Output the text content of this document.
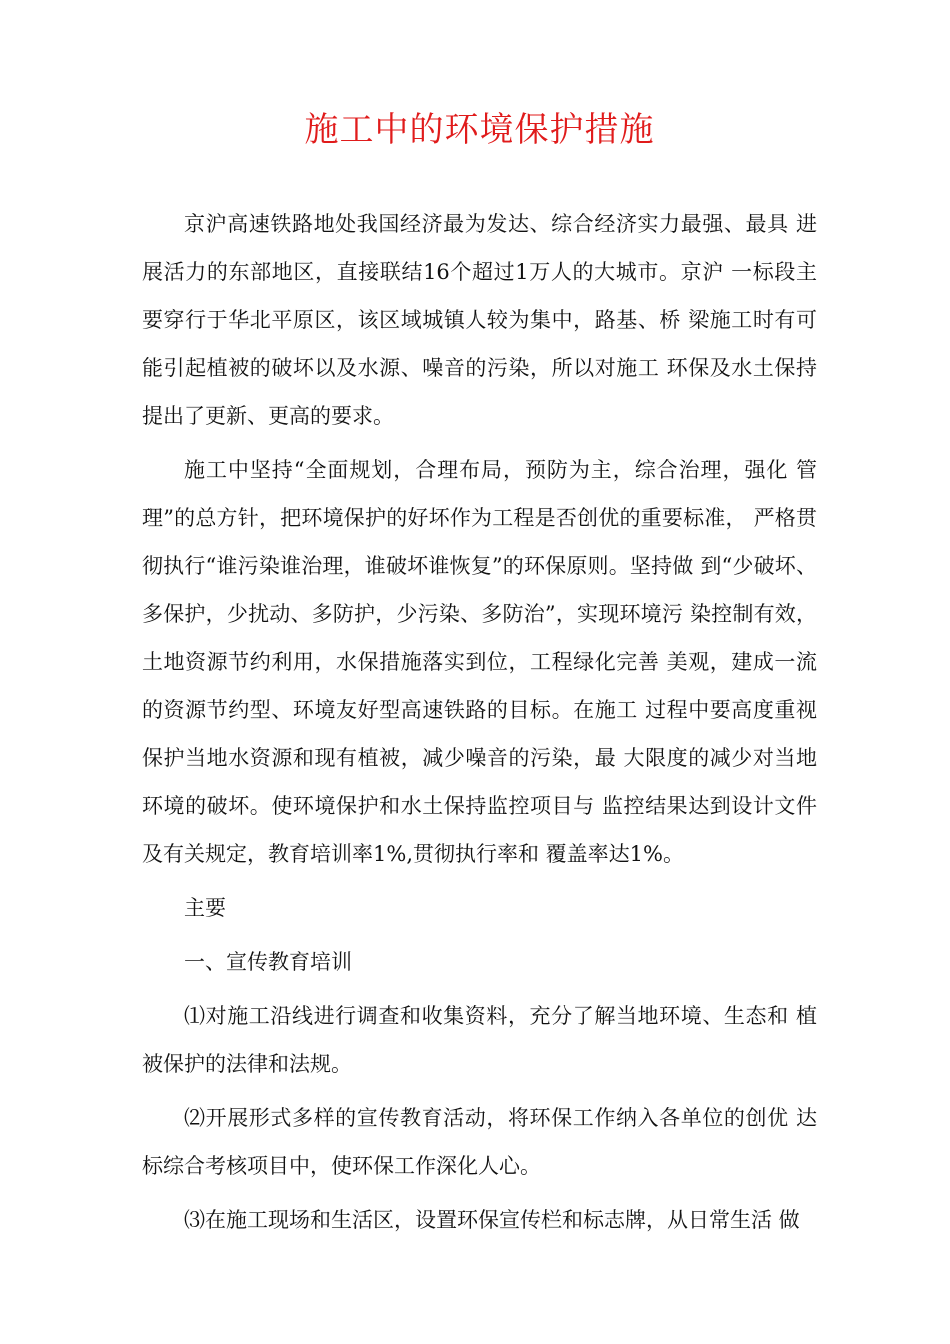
施工中的环境保护措施

京沪高速铁路地处我国经济最为发达、综合经济实力最强、最具 进展活力的东部地区，直接联结16个超过1万人的大城市。京沪 一标段主要穿行于华北平原区，该区域城镇人较为集中，路基、桥 梁施工时有可能引起植被的破坏以及水源、噪音的污染，所以对施工 环保及水土保持提出了更新、更高的要求。

施工中坚持“全面规划，合理布局，预防为主，综合治理，强化 管理”的总方针，把环境保护的好坏作为工程是否创优的重要标准， 严格贯彻执行“谁污染谁治理，谁破坏谁恢复”的环保原则。坚持做 到“少破坏、多保护，少扰动、多防护，少污染、多防治”，实现环境污 染控制有效，土地资源节约利用，水保措施落实到位，工程绿化完善 美观，建成一流的资源节约型、环境友好型高速铁路的目标。在施工 过程中要高度重视保护当地水资源和现有植被，减少噪音的污染，最 大限度的减少对当地环境的破坏。使环境保护和水土保持监控项目与 监控结果达到设计文件及有关规定，教育培训率1%,贯彻执行率和 覆盖率达1%。

主要

一、宣传教育培训

⑴对施工沿线进行调查和收集资料，充分了解当地环境、生态和 植被保护的法律和法规。

⑵开展形式多样的宣传教育活动，将环保工作纳入各单位的创优 达标综合考核项目中，使环保工作深化人心。

⑶在施工现场和生活区，设置环保宣传栏和标志牌，从日常生活 做
